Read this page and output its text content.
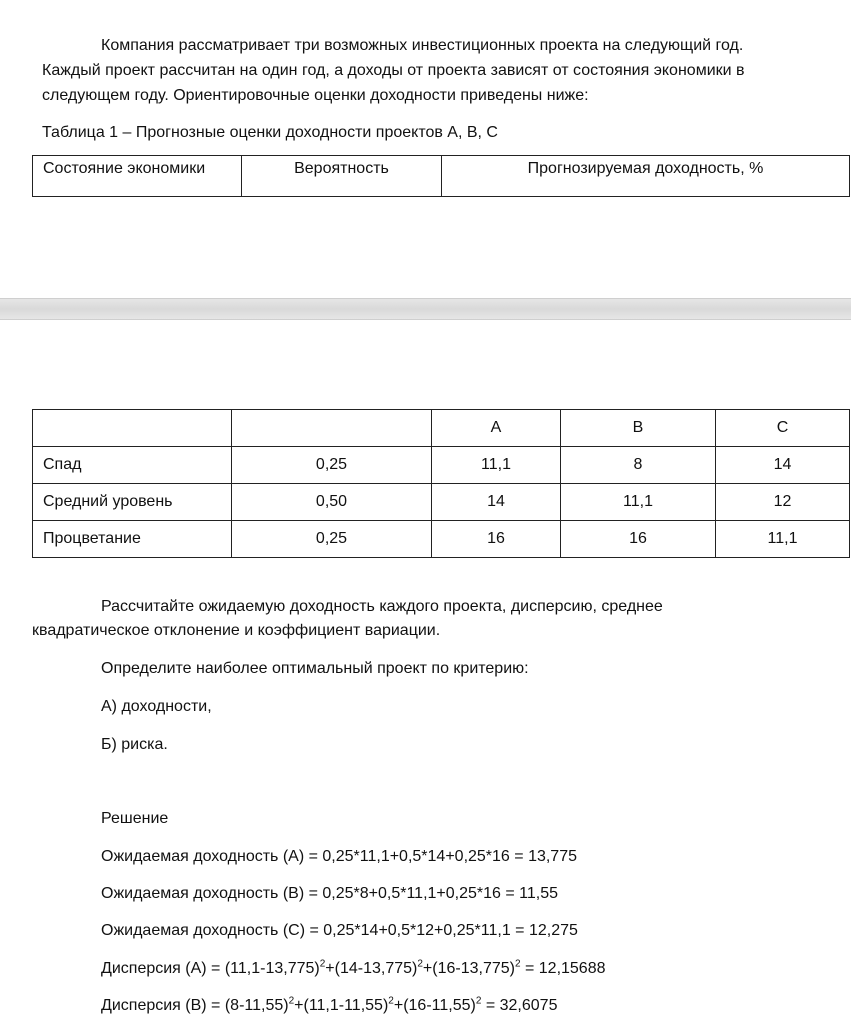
Компания рассматривает три возможных инвестиционных проекта на следующий год.
Каждый проект рассчитан на один год, а доходы от проекта зависят от состояния экономики в
следующем году. Ориентировочные оценки доходности приведены ниже:
Таблица 1 – Прогнозные оценки доходности проектов А, В, С
Состояние экономики	Вероятность	Прогнозируемая доходность, %
		А	В	С
Спад	0,25	11,1	8	14
Средний уровень	0,50	14	11,1	12
Процветание	0,25	16	16	11,1
Рассчитайте ожидаемую доходность каждого проекта, дисперсию, среднее
квадратическое отклонение и коэффициент вариации.
Определите наиболее оптимальный проект по критерию:
А) доходности,
Б) риска.
Решение
Ожидаемая доходность (А) = 0,25*11,1+0,5*14+0,25*16 = 13,775
Ожидаемая доходность (В) = 0,25*8+0,5*11,1+0,25*16 = 11,55
Ожидаемая доходность (С) = 0,25*14+0,5*12+0,25*11,1 = 12,275
Дисперсия $(А) = (11,1-13,775)^2+(14-13,775)^2+(16-13,775)^2 = 12,15688$
Дисперсия $(В) = (8-11,55)^2+(11,1-11,55)^2+(16-11,55)^2 = 32,6075$
